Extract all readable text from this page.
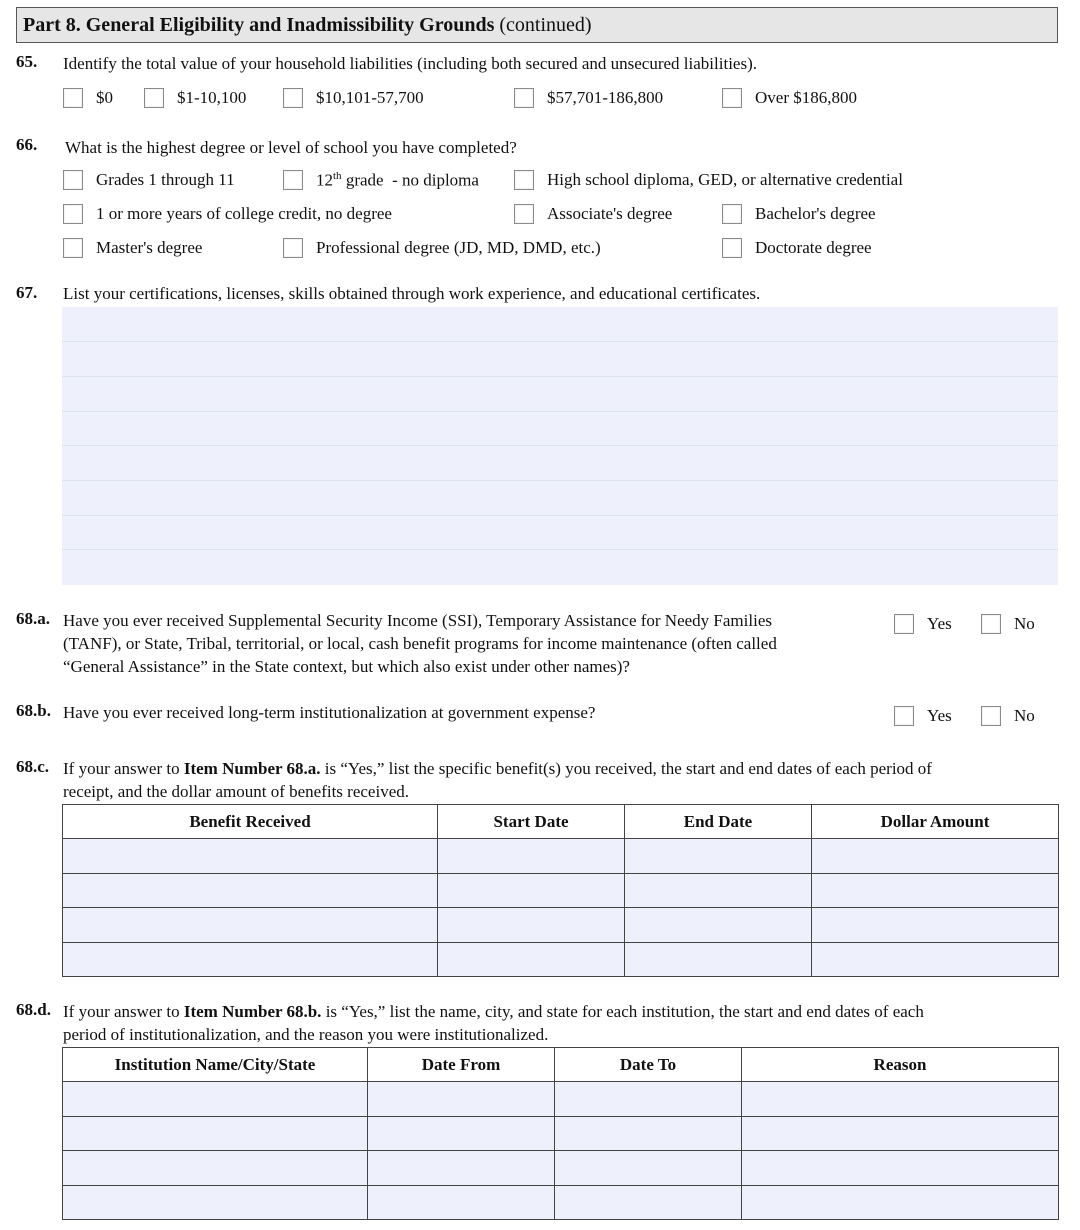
Part 8. General Eligibility and Inadmissibility Grounds (continued)
65. Identify the total value of your household liabilities (including both secured and unsecured liabilities).
$0	$1-10,100	$10,101-57,700	$57,701-186,800	Over $186,800
66. What is the highest degree or level of school you have completed?
Grades 1 through 11	12th grade  - no diploma	High school diploma, GED, or alternative credential
1 or more years of college credit, no degree	Associate's degree	Bachelor's degree
Master's degree	Professional degree (JD, MD, DMD, etc.)	Doctorate degree
67. List your certifications, licenses, skills obtained through work experience, and educational certificates.
68.a. Have you ever received Supplemental Security Income (SSI), Temporary Assistance for Needy Families
(TANF), or State, Tribal, territorial, or local, cash benefit programs for income maintenance (often called
“General Assistance” in the State context, but which also exist under other names)?
Yes	No
68.b. Have you ever received long-term institutionalization at government expense?	Yes	No
68.c. If your answer to Item Number 68.a. is “Yes,” list the specific benefit(s) you received, the start and end dates of each period of
receipt, and the dollar amount of benefits received.
Benefit Received	Start Date	End Date	Dollar Amount

68.d. If your answer to Item Number 68.b. is “Yes,” list the name, city, and state for each institution, the start and end dates of each
period of institutionalization, and the reason you were institutionalized.
Institution Name/City/State	Date From	Date To	Reason
